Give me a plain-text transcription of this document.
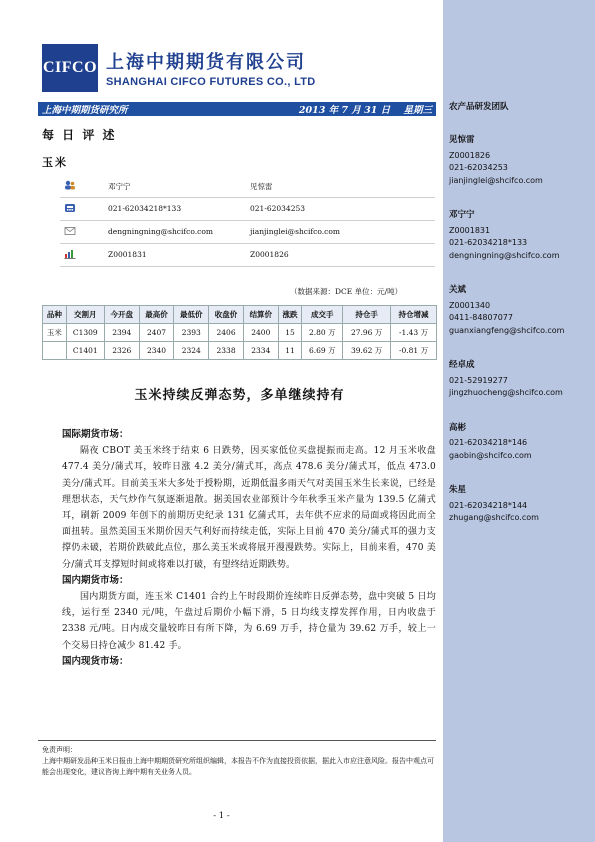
CIFCO 上海中期期货有限公司
SHANGHAI CIFCO FUTURES CO., LTD
上海中期期货研究所	2013 年 7 月 31 日 星期三
每 日 评 述
玉米
邓宁宁	见惊雷
021-62034218*133	021-62034253
dengningning@shcifco.com	jianjinglei@shcifco.com
Z0001831	Z0001826
（数据来源：DCE 单位：元/吨）
品种	交割月	今开盘	最高价	最低价	收盘价	结算价	涨跌	成交手	持仓手	持仓增减
玉米	C1309	2394	2407	2393	2406	2400	15	2.80 万	27.96 万	-1.43 万
	C1401	2326	2340	2324	2338	2334	11	6.69 万	39.62 万	-0.81 万
玉米持续反弹态势，多单继续持有

国际期货市场：

隔夜 CBOT 美玉米终于结束 6 日跌势，因买家低位买盘提振而走高。12 月玉米收盘 477.4 美分/蒲式耳，较昨日涨 4.2 美分/蒲式耳，高点 478.6 美分/蒲式耳，低点 473.0 美分/蒲式耳。目前美玉米大多处于授粉期，近期低温多雨天气对美国玉米生长来说，已经是理想状态，天气炒作气氛逐渐退散。据美国农业部预计今年秋季玉米产量为 139.5 亿蒲式耳，刷新 2009 年创下的前期历史纪录 131 亿蒲式耳，去年供不应求的局面或将因此而全面扭转。虽然美国玉米期价因天气利好而持续走低，实际上目前 470 美分/蒲式耳的强力支撑仍未破，若期价跌破此点位，那么美玉米或将展开漫漫跌势。实际上，目前来看，470 美分/蒲式耳支撑短时间或将难以打破，有望终结近期跌势。

国内期货市场：

国内期货方面，连玉米 C1401 合约上午时段期价连续昨日反弹态势，盘中突破 5 日均线，运行至 2340 元/吨，午盘过后期价小幅下滑，5 日均线支撑发挥作用，日内收盘于 2338 元/吨。日内成交量较昨日有所下降，为 6.69 万手，持仓量为 39.62 万手，较上一个交易日持仓减少 81.42 手。

国内现货市场：

免责声明：
上海中期研发品种玉米日报由上海中期期货研究所组织编辑，本报告不作为直接投资依据，据此入市应注意风险。报告中观点可能会出现变化，建议咨询上海中期有关业务人员。
- 1 -
农产品研发团队
见惊雷
Z0001826
021-62034253
jianjinglei@shcifco.com
邓宁宁
Z0001831
021-62034218*133
dengningning@shcifco.com
关斌
Z0001340
0411-84807077
guanxiangfeng@shcifco.com
经卓成
021-52919277
jingzhuocheng@shcifco.com
高彬
021-62034218*146
gaobin@shcifco.com
朱星
021-62034218*144
zhugang@shcifco.com
